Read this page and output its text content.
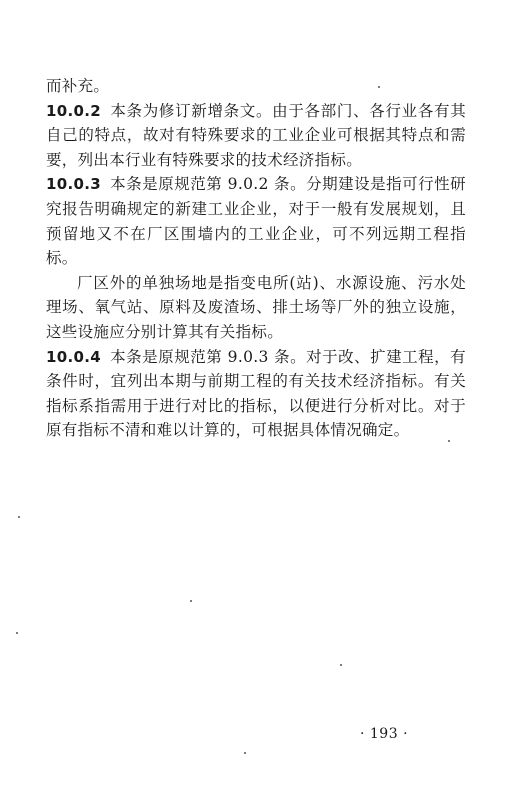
而补充。

10.0.2 本条为修订新增条文。由于各部门、各行业各有其自己的特点，故对有特殊要求的工业企业可根据其特点和需要，列出本行业有特殊要求的技术经济指标。

10.0.3 本条是原规范第 9.0.2 条。分期建设是指可行性研究报告明确规定的新建工业企业，对于一般有发展规划，且预留地又不在厂区围墙内的工业企业，可不列远期工程指标。

厂区外的单独场地是指变电所(站)、水源设施、污水处理场、氧气站、原料及废渣场、排土场等厂外的独立设施，这些设施应分别计算其有关指标。

10.0.4 本条是原规范第 9.0.3 条。对于改、扩建工程，有条件时，宜列出本期与前期工程的有关技术经济指标。有关指标系指需用于进行对比的指标，以便进行分析对比。对于原有指标不清和难以计算的，可根据具体情况确定。

· 193 ·
